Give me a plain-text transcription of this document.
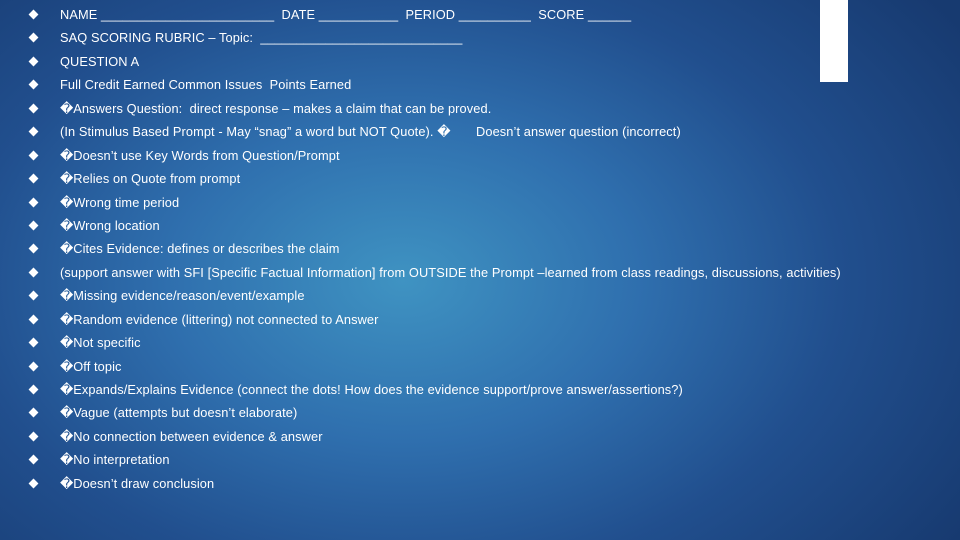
NAME ________________________  DATE ___________  PERIOD __________  SCORE ______
SAQ SCORING RUBRIC – Topic:  ____________________________
QUESTION A
Full Credit Earned Common Issues  Points Earned
�Answers Question:  direct response – makes a claim that can be proved.
(In Stimulus Based Prompt - May “snag” a word but NOT Quote). �       Doesn’t answer question (incorrect)
�Doesn’t use Key Words from Question/Prompt
�Relies on Quote from prompt
�Wrong time period
�Wrong location
�Cites Evidence: defines or describes the claim
(support answer with SFI [Specific Factual Information] from OUTSIDE the Prompt –learned from class readings, discussions, activities)
�Missing evidence/reason/event/example
�Random evidence (littering) not connected to Answer
�Not specific
�Off topic
�Expands/Explains Evidence (connect the dots! How does the evidence support/prove answer/assertions?)
�Vague (attempts but doesn’t elaborate)
�No connection between evidence & answer
�No interpretation
�Doesn’t draw conclusion
